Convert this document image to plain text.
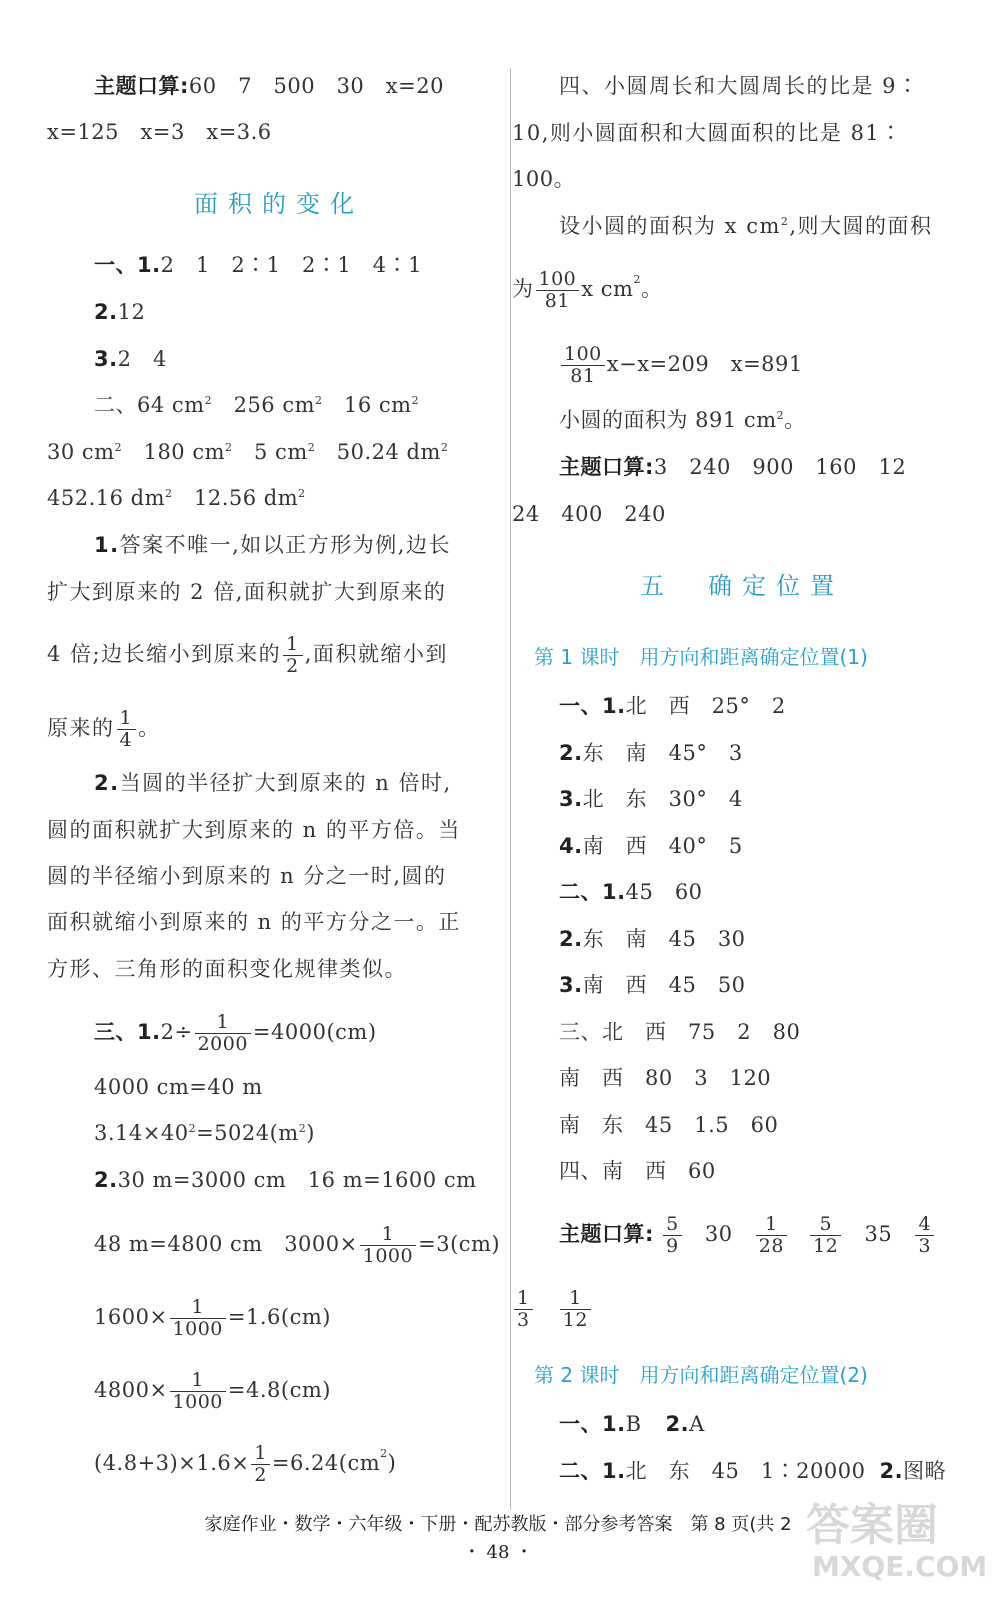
主题口算:60　7　500　30　x=20
x=125　x=3　x=3.6
面积的变化
一、1.2　1　2∶1　2∶1　4∶1
2.12
3.2　4
二、64 $cm^2$　256 $cm^2$　16 $cm^2$
30 $cm^2$　180 $cm^2$　5 $cm^2$　50.24 $dm^2$
452.16 $dm^2$　12.56 $dm^2$
1.答案不唯一,如以正方形为例,边长
扩大到原来的 2 倍,面积就扩大到原来的
4 倍;边长缩小到原来的 $\frac{1}{2}$ ,面积就缩小到
原来的 $\frac{1}{4}$ 。
2.当圆的半径扩大到原来的 n 倍时,
圆的面积就扩大到原来的 n 的平方倍。当
圆的半径缩小到原来的 n 分之一时,圆的
面积就缩小到原来的 n 的平方分之一。正
方形、三角形的面积变化规律类似。
三、$1.2\div \frac{1}{2000} =4000(cm)$
4000 cm=40 m
$3.14\times 40^2=5024(m^2)$
2.30 m=3000 cm　16 m=1600 cm
48 m=4800 cm　$3000\times \frac{1}{1000} =3(cm)$
$1600\times \frac{1}{1000} =1.6(cm)$
$4800\times \frac{1}{1000} =4.8(cm)$
$(4.8+3)\times 1.6\times \frac{1}{2} =6.24(cm^2)$
四、小圆周长和大圆周长的比是 9∶
10,则小圆面积和大圆面积的比是 81∶
100。
设小圆的面积为 x $cm^2$,则大圆的面积
为 $\frac{100}{81}$ x $cm^2$。
$\frac{100}{81} x-x=209$　x=891
小圆的面积为 891 $cm^2$。
主题口算:3　240　900　160　12
24　400　240
五　确定位置
第 1 课时　用方向和距离确定位置(1)
一、1.北　西　25°　2
2.东　南　45°　3
3.北　东　30°　4
4.南　西　40°　5
二、1.45　60
2.东　南　45　30
3.南　西　45　50
三、北　西　75　2　80
南　西　80　3　120
南　东　45　1.5　60
四、南　西　60
主题口算: $\frac{5}{9} 30 \frac{1}{28}$
$\frac{5}{12} 35 \frac{4}{3}$
$\frac{1}{3}$
$\frac{1}{12}$
第 2 课时　用方向和距离确定位置(2)
一、1.B 2.A
二、1.北　东　45　1∶20000 2.图略
家庭作业・数学・六年级・下册・配苏教版・部分参考答案　第 8 页(共 2
・ 48 ・
答案圈
MXQE.COM
